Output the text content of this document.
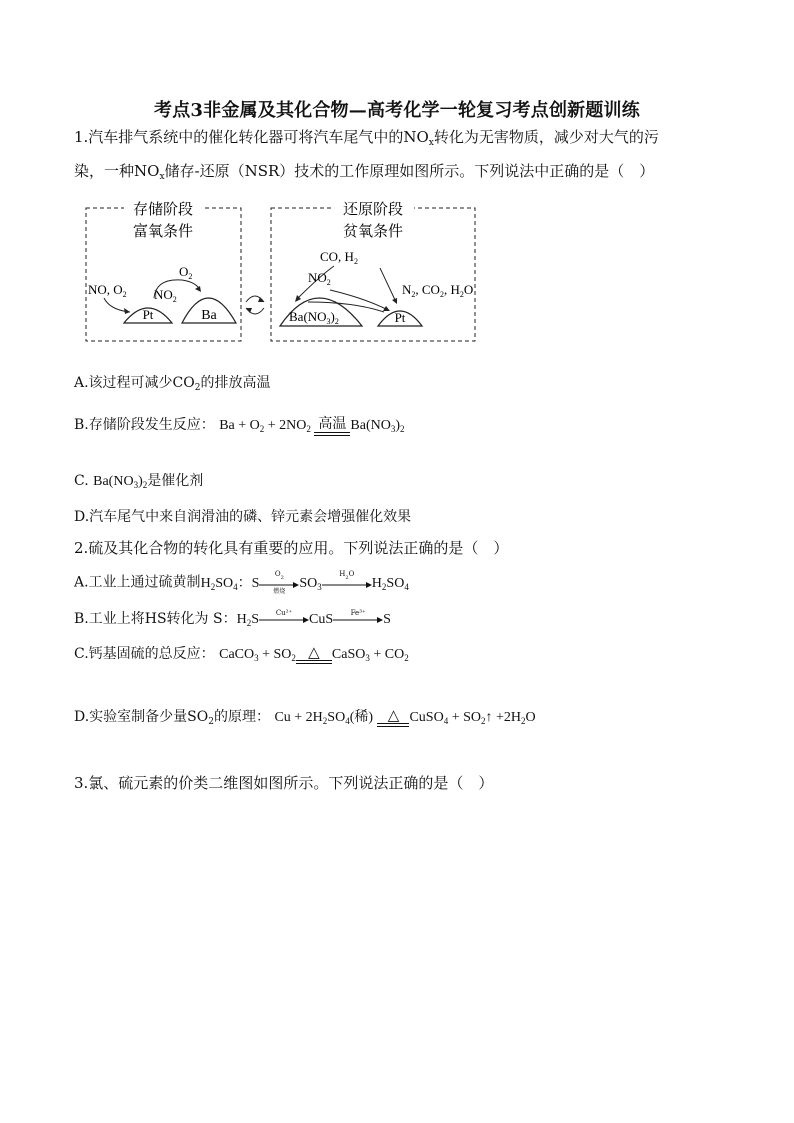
考点3非金属及其化合物—高考化学一轮复习考点创新题训练
1.汽车排气系统中的催化转化器可将汽车尾气中的$NO_x$转化为无害物质，减少对大气的污
染，一种$NO_x$储存-还原（NSR）技术的工作原理如图所示。下列说法中正确的是（　）
存储阶段
富氧条件
还原阶段
贫氧条件
Pt	Ba
NO, $O_2$ $NO_2$
$O_2$
$Ba(NO_3)_2$	Pt
CO, $H_2$
$NO_2$	$N_2$, $CO_2$, $H_2O$
A.该过程可减少$CO_2$的排放高温
B.存储阶段发生反应： $Ba + O_2 + 2NO_2$ 高温 $Ba(NO_3)_2$
C. $Ba(NO_3)_2$是催化剂
D.汽车尾气中来自润滑油的磷、锌元素会增强催化效果
2.硫及其化合物的转化具有重要的应用。下列说法正确的是（　）
A.工业上通过硫黄制$H_2SO_4$：S
$O_2$
燃烧
$SO_3$
$H_2O$

$H_2SO_4$
B.工业上将HS转化为 S：$H_2S$	Cu²⁺
	CuS	Fe³⁺
	S
C.钙基固硫的总反应： CaCO$_3$ + $SO_2$ △ CaSO$_3$ + $CO_2$
D.实验室制备少量$SO_2$的原理： $Cu + 2H_2SO_4$(稀) △ CuSO$_4$ + $SO_2↑ +2H_2O$
3.氯、硫元素的价类二维图如图所示。下列说法正确的是（　）
